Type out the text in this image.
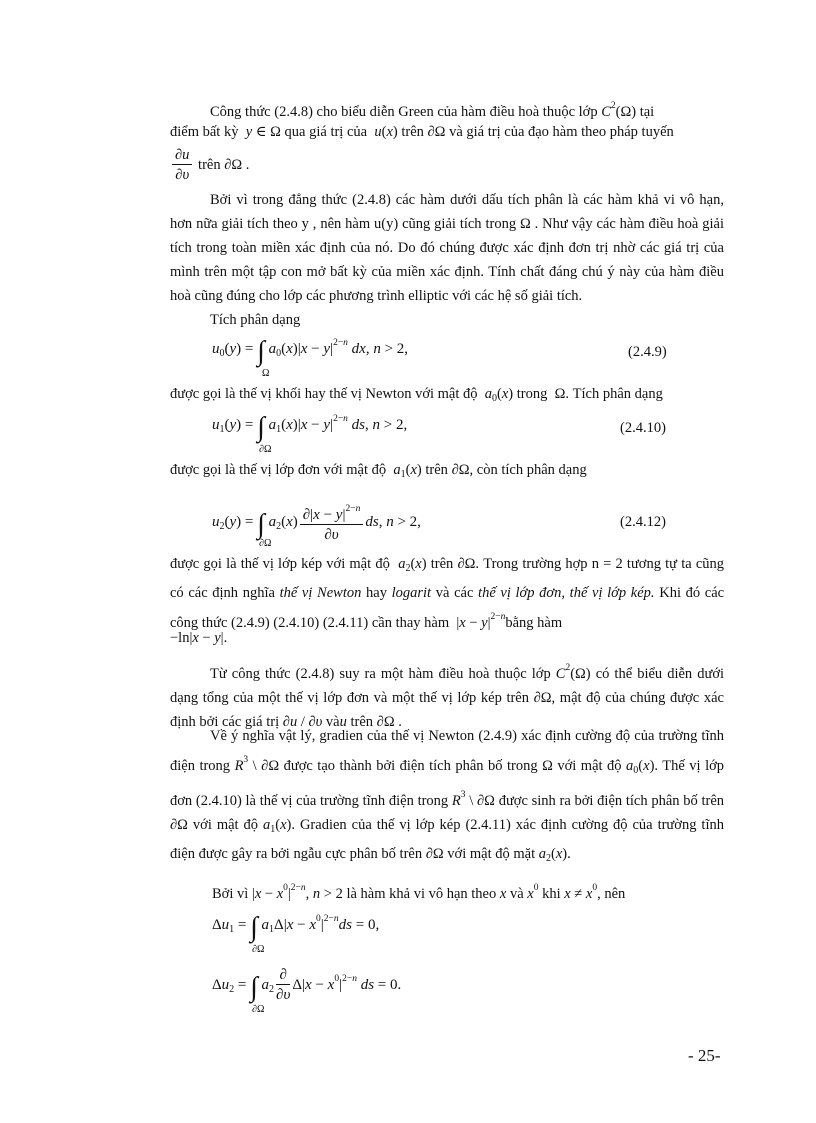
Công thức (2.4.8) cho biểu diễn Green của hàm điều hoà thuộc lớp $C^2(\Omega)$ tại
điểm bất kỳ  y ∈ Ω qua giá trị của  u(x) trên ∂Ω và giá trị của đạo hàm theo pháp tuyến
$\frac{\partial u}{\partial\upsilon}$ trên ∂Ω .
Bởi vì trong đẳng thức (2.4.8) các hàm dưới dấu tích phân là các hàm khả vi vô hạn, hơn nữa giải tích theo y , nên hàm u(y) cũng giải tích trong Ω . Như vậy các hàm điều hoà giải tích trong toàn miền xác định của nó. Do đó chúng được xác định đơn trị nhờ các giá trị của mình trên một tập con mở bất kỳ của miền xác định. Tính chất đáng chú ý này của hàm điều hoà cũng đúng cho lớp các phương trình elliptic với các hệ số giải tích.
Tích phân dạng
$u_0(y)$ = ∫ $a_0(x)|x - y|^{2-n}$ dx, n > 2,
Ω
(2.4.9)
được gọi là thế vị khối hay thế vị Newton với mật độ  $a_0(x)$ trong  Ω. Tích phân dạng
$u_1(y)$ = ∫ $a_1(x)|x - y|^{2-n}$ ds, n > 2,
∂Ω
(2.4.10)
được gọi là thế vị lớp đơn với mật độ  $a_1(x)$ trên ∂Ω, còn tích phân dạng
$u_2(y)$ = ∫ $a_2(x) \frac{\partial|x - y|^{2-n}}{\partial\upsilon}$ ds, n > 2,
∂Ω
(2.4.12)
được gọi là thế vị lớp kép với mật độ  $a_2(x)$ trên ∂Ω. Trong trường hợp n = 2 tương tự ta cũng có các định nghĩa thế vị Newton hay logarit và các thế vị lớp đơn, thế vị lớp kép. Khi đó các công thức (2.4.9) (2.4.10) (2.4.11) cần thay hàm  $|x - y|^{2-n}bằng$ hàm
−ln|x − y|.
Từ công thức (2.4.8) suy ra một hàm điều hoà thuộc lớp $C^2(\Omega)$ có thể biểu diễn dưới dạng tổng của một thế vị lớp đơn và một thế vị lớp kép trên ∂Ω, mật độ của chúng được xác định bởi các giá trị ∂u / ∂υ vàu trên ∂Ω .
Về ý nghĩa vật lý, gradien của thế vị Newton (2.4.9) xác định cường độ của trường tĩnh điện trong $R^3$ \ ∂Ω được tạo thành bởi điện tích phân bố trong Ω với mật độ $a_0(x)$. Thế vị lớp đơn (2.4.10) là thế vị của trường tĩnh điện trong $R^3$ \ ∂Ω được sinh ra bởi điện tích phân bố trên ∂Ω với mật độ $a_1(x)$. Gradien của thế vị lớp kép (2.4.11) xác định cường độ của trường tĩnh điện được gây ra bởi ngẫu cực phân bố trên ∂Ω với mật độ mặt $a_2(x)$.
Bởi vì $|x - x^0|^{2-n}$, n > 2 là hàm khả vi vô hạn theo x và $x^0$ khi $x \ne x^0$, nên
$\Delta u_1$ = ∫ $a_1\Delta|x - x^0|^{2-n}ds = 0$,
∂Ω
$\Delta u_2$ = ∫ $a_2 \frac{\partial}{\partial\upsilon} \Delta|x - x^0|^{2-n}$ ds = 0.
∂Ω
- 25-
